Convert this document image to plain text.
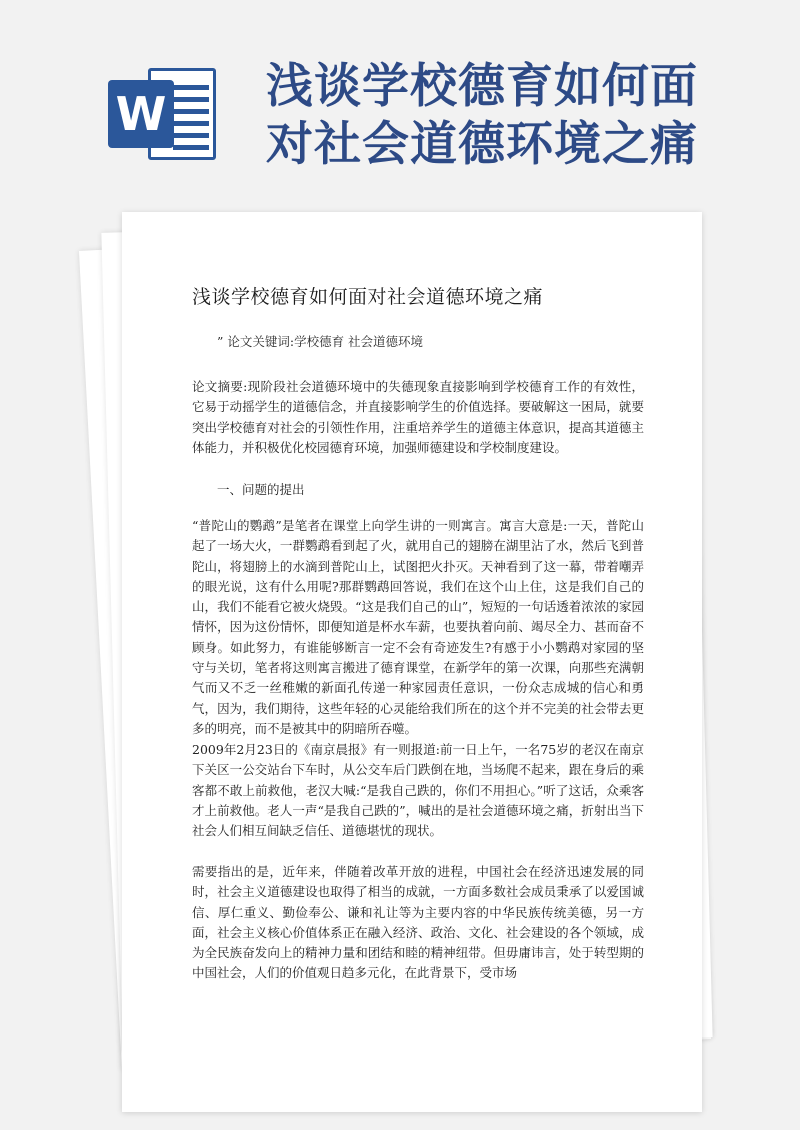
W 浅谈学校德育如何面对社会道德环境之痛
浅谈学校德育如何面对社会道德环境之痛
” 论文关键词:学校德育 社会道德环境
论文摘要:现阶段社会道德环境中的失德现象直接影响到学校德育工作的有效性，它易于动摇学生的道德信念，并直接影响学生的价值选择。要破解这一困局，就要突出学校德育对社会的引领性作用，注重培养学生的道德主体意识，提高其道德主体能力，并积极优化校园德育环境，加强师德建设和学校制度建设。
一、问题的提出
“普陀山的鹦鹉”是笔者在课堂上向学生讲的一则寓言。寓言大意是:一天，普陀山起了一场大火，一群鹦鹉看到起了火，就用自己的翅膀在湖里沾了水，然后飞到普陀山，将翅膀上的水滴到普陀山上，试图把火扑灭。天神看到了这一幕，带着嘲弄的眼光说，这有什么用呢?那群鹦鹉回答说，我们在这个山上住，这是我们自己的山，我们不能看它被火烧毁。“这是我们自己的山”，短短的一句话透着浓浓的家园情怀，因为这份情怀，即便知道是杯水车薪，也要执着向前、竭尽全力、甚而奋不顾身。如此努力，有谁能够断言一定不会有奇迹发生?有感于小小鹦鹉对家园的坚守与关切，笔者将这则寓言搬进了德育课堂，在新学年的第一次课，向那些充满朝气而又不乏一丝稚嫩的新面孔传递一种家园责任意识，一份众志成城的信心和勇气，因为，我们期待，这些年轻的心灵能给我们所在的这个并不完美的社会带去更多的明亮，而不是被其中的阴暗所吞噬。
2009年2月23日的《南京晨报》有一则报道:前一日上午，一名75岁的老汉在南京下关区一公交站台下车时，从公交车后门跌倒在地，当场爬不起来，跟在身后的乘客都不敢上前救他，老汉大喊:“是我自己跌的，你们不用担心。”听了这话，众乘客才上前救他。老人一声“是我自己跌的”，喊出的是社会道德环境之痛，折射出当下社会人们相互间缺乏信任、道德堪忧的现状。
需要指出的是，近年来，伴随着改革开放的进程，中国社会在经济迅速发展的同时，社会主义道德建设也取得了相当的成就，一方面多数社会成员秉承了以爱国诚信、厚仁重义、勤俭奉公、谦和礼让等为主要内容的中华民族传统美德，另一方面，社会主义核心价值体系正在融入经济、政治、文化、社会建设的各个领域，成为全民族奋发向上的精神力量和团结和睦的精神纽带。但毋庸讳言，处于转型期的中国社会，人们的价值观日趋多元化，在此背景下，受市场
